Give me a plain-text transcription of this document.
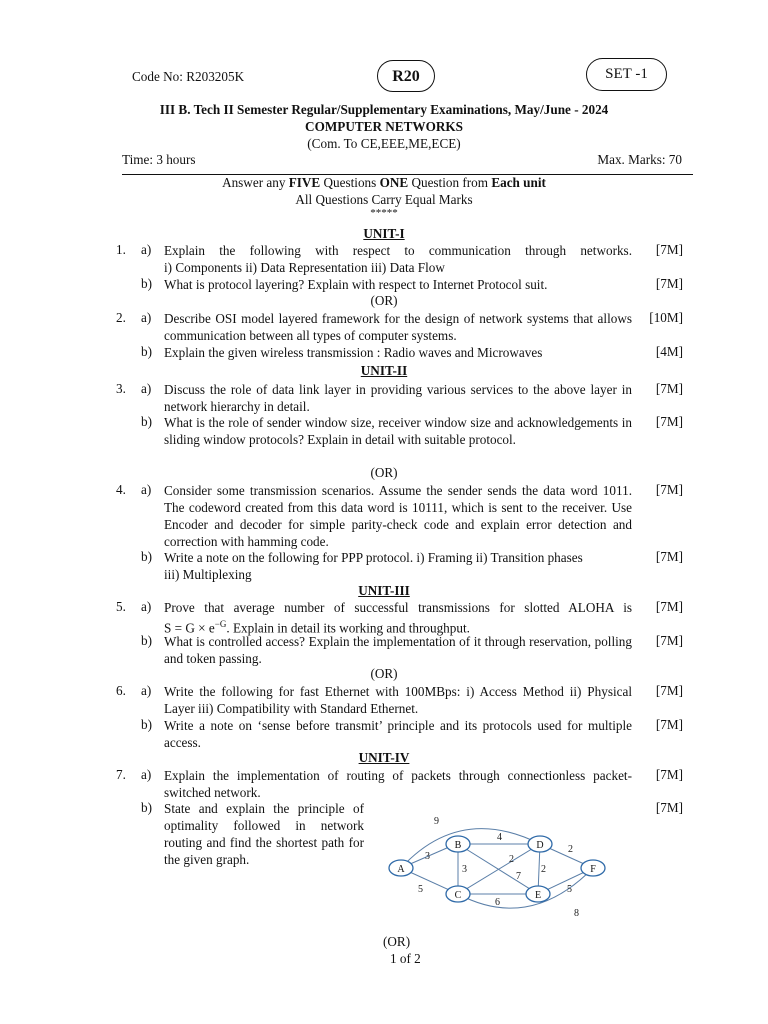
Code No: R203205K	R20	SET -1
III B. Tech II Semester Regular/Supplementary Examinations, May/June - 2024
COMPUTER NETWORKS
(Com. To CE,EEE,ME,ECE)
Time: 3 hours	Max. Marks: 70
Answer any FIVE Questions ONE Question from Each unit
All Questions Carry Equal Marks
*****
UNIT-I
1. a) Explain the following with respect to communication through networks.
i) Components ii) Data Representation iii) Data Flow
[7M]
b) What is protocol layering? Explain with respect to Internet Protocol suit.	[7M]
(OR)
2. a) Describe OSI model layered framework for the design of network systems that allows communication between all types of computer systems.
[10M]
b) Explain the given wireless transmission : Radio waves and Microwaves	[4M]
UNIT-II
3. a) Discuss the role of data link layer in providing various services to the above layer in network hierarchy in detail.
[7M]
b) What is the role of sender window size, receiver window size and acknowledgements in sliding window protocols? Explain in detail with suitable protocol.
[7M]
(OR)
4. a) Consider some transmission scenarios. Assume the sender sends the data word 1011. The codeword created from this data word is 10111, which is sent to the receiver. Use Encoder and decoder for simple parity-check code and explain error detection and correction with hamming code.
[7M]
b) Write a note on the following for PPP protocol. i) Framing ii) Transition phases
iii) Multiplexing
[7M]
UNIT-III
5. a) Prove that average number of successful transmissions for slotted ALOHA is
$S = G \times e^{-G}$. Explain in detail its working and throughput.
[7M]
b) What is controlled access? Explain the implementation of it through reservation, polling and token passing.
[7M]
(OR)
6. a) Write the following for fast Ethernet with 100MBps: i) Access Method ii) Physical Layer iii) Compatibility with Standard Ethernet.
[7M]
b) Write a note on ‘sense before transmit’ principle and its protocols used for multiple access.
[7M]
UNIT-IV
7. a) Explain the implementation of routing of packets through connectionless packet-switched network.
[7M]
b) State and explain the principle of optimality followed in network routing and find the shortest path for the given graph.
[7M]
3
5
3
4
2
7
2
6
2
5
9
8
A
B
C
D
E
F
(OR)
1 of 2
